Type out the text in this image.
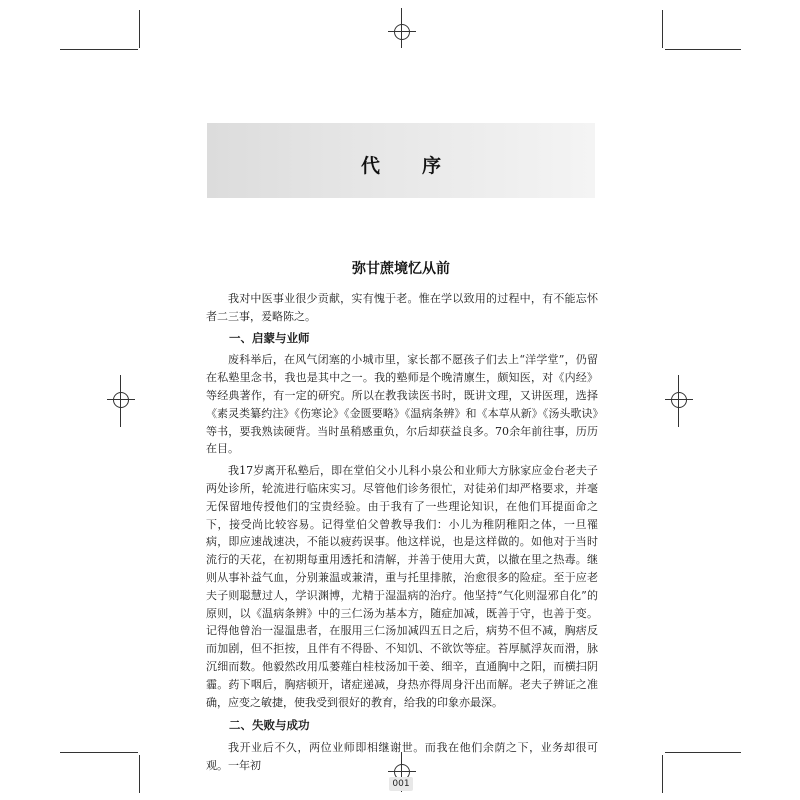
代序
弥甘蔗境忆从前

我对中医事业很少贡献，实有愧于老。惟在学以致用的过程中，有不能忘怀者二三事，爰略陈之。

一、启蒙与业师

废科举后，在风气闭塞的小城市里，家长都不愿孩子们去上“洋学堂”，仍留在私塾里念书，我也是其中之一。我的塾师是个晚清廪生，颇知医，对《内经》等经典著作，有一定的研究。所以在教我读医书时，既讲文理，又讲医理，选择《素灵类纂约注》《伤寒论》《金匮要略》《温病条辨》和《本草从新》《汤头歌诀》等书，要我熟读硬背。当时虽稍感重负，尔后却获益良多。70余年前往事，历历在目。

我17岁离开私塾后，即在堂伯父小儿科小泉公和业师大方脉家应金台老夫子两处诊所，轮流进行临床实习。尽管他们诊务很忙，对徒弟们却严格要求，并毫无保留地传授他们的宝贵经验。由于我有了一些理论知识，在他们耳提面命之下，接受尚比较容易。记得堂伯父曾教导我们：小儿为稚阴稚阳之体，一旦罹病，即应速战速决，不能以疲药误事。他这样说，也是这样做的。如他对于当时流行的天花，在初期每重用透托和清解，并善于使用大黄，以撤在里之热毒。继则从事补益气血，分别兼温或兼清，重与托里排脓，治愈很多的险症。至于应老夫子则聪慧过人，学识渊博，尤精于湿温病的治疗。他坚持“气化则湿邪自化”的原则，以《温病条辨》中的三仁汤为基本方，随症加减，既善于守，也善于变。记得他曾治一湿温患者，在服用三仁汤加减四五日之后，病势不但不减，胸痞反而加剧，但不拒按，且伴有不得卧、不知饥、不欲饮等症。苔厚腻浮灰而滑，脉沉细而数。他毅然改用瓜蒌薤白桂枝汤加干姜、细辛，直通胸中之阳，而横扫阴霾。药下咽后，胸痞顿开，诸症递减，身热亦得周身汗出而解。老夫子辨证之准确，应变之敏捷，使我受到很好的教育，给我的印象亦最深。

二、失败与成功

我开业后不久，两位业师即相继谢世。而我在他们余荫之下，业务却很可观。一年初

001
